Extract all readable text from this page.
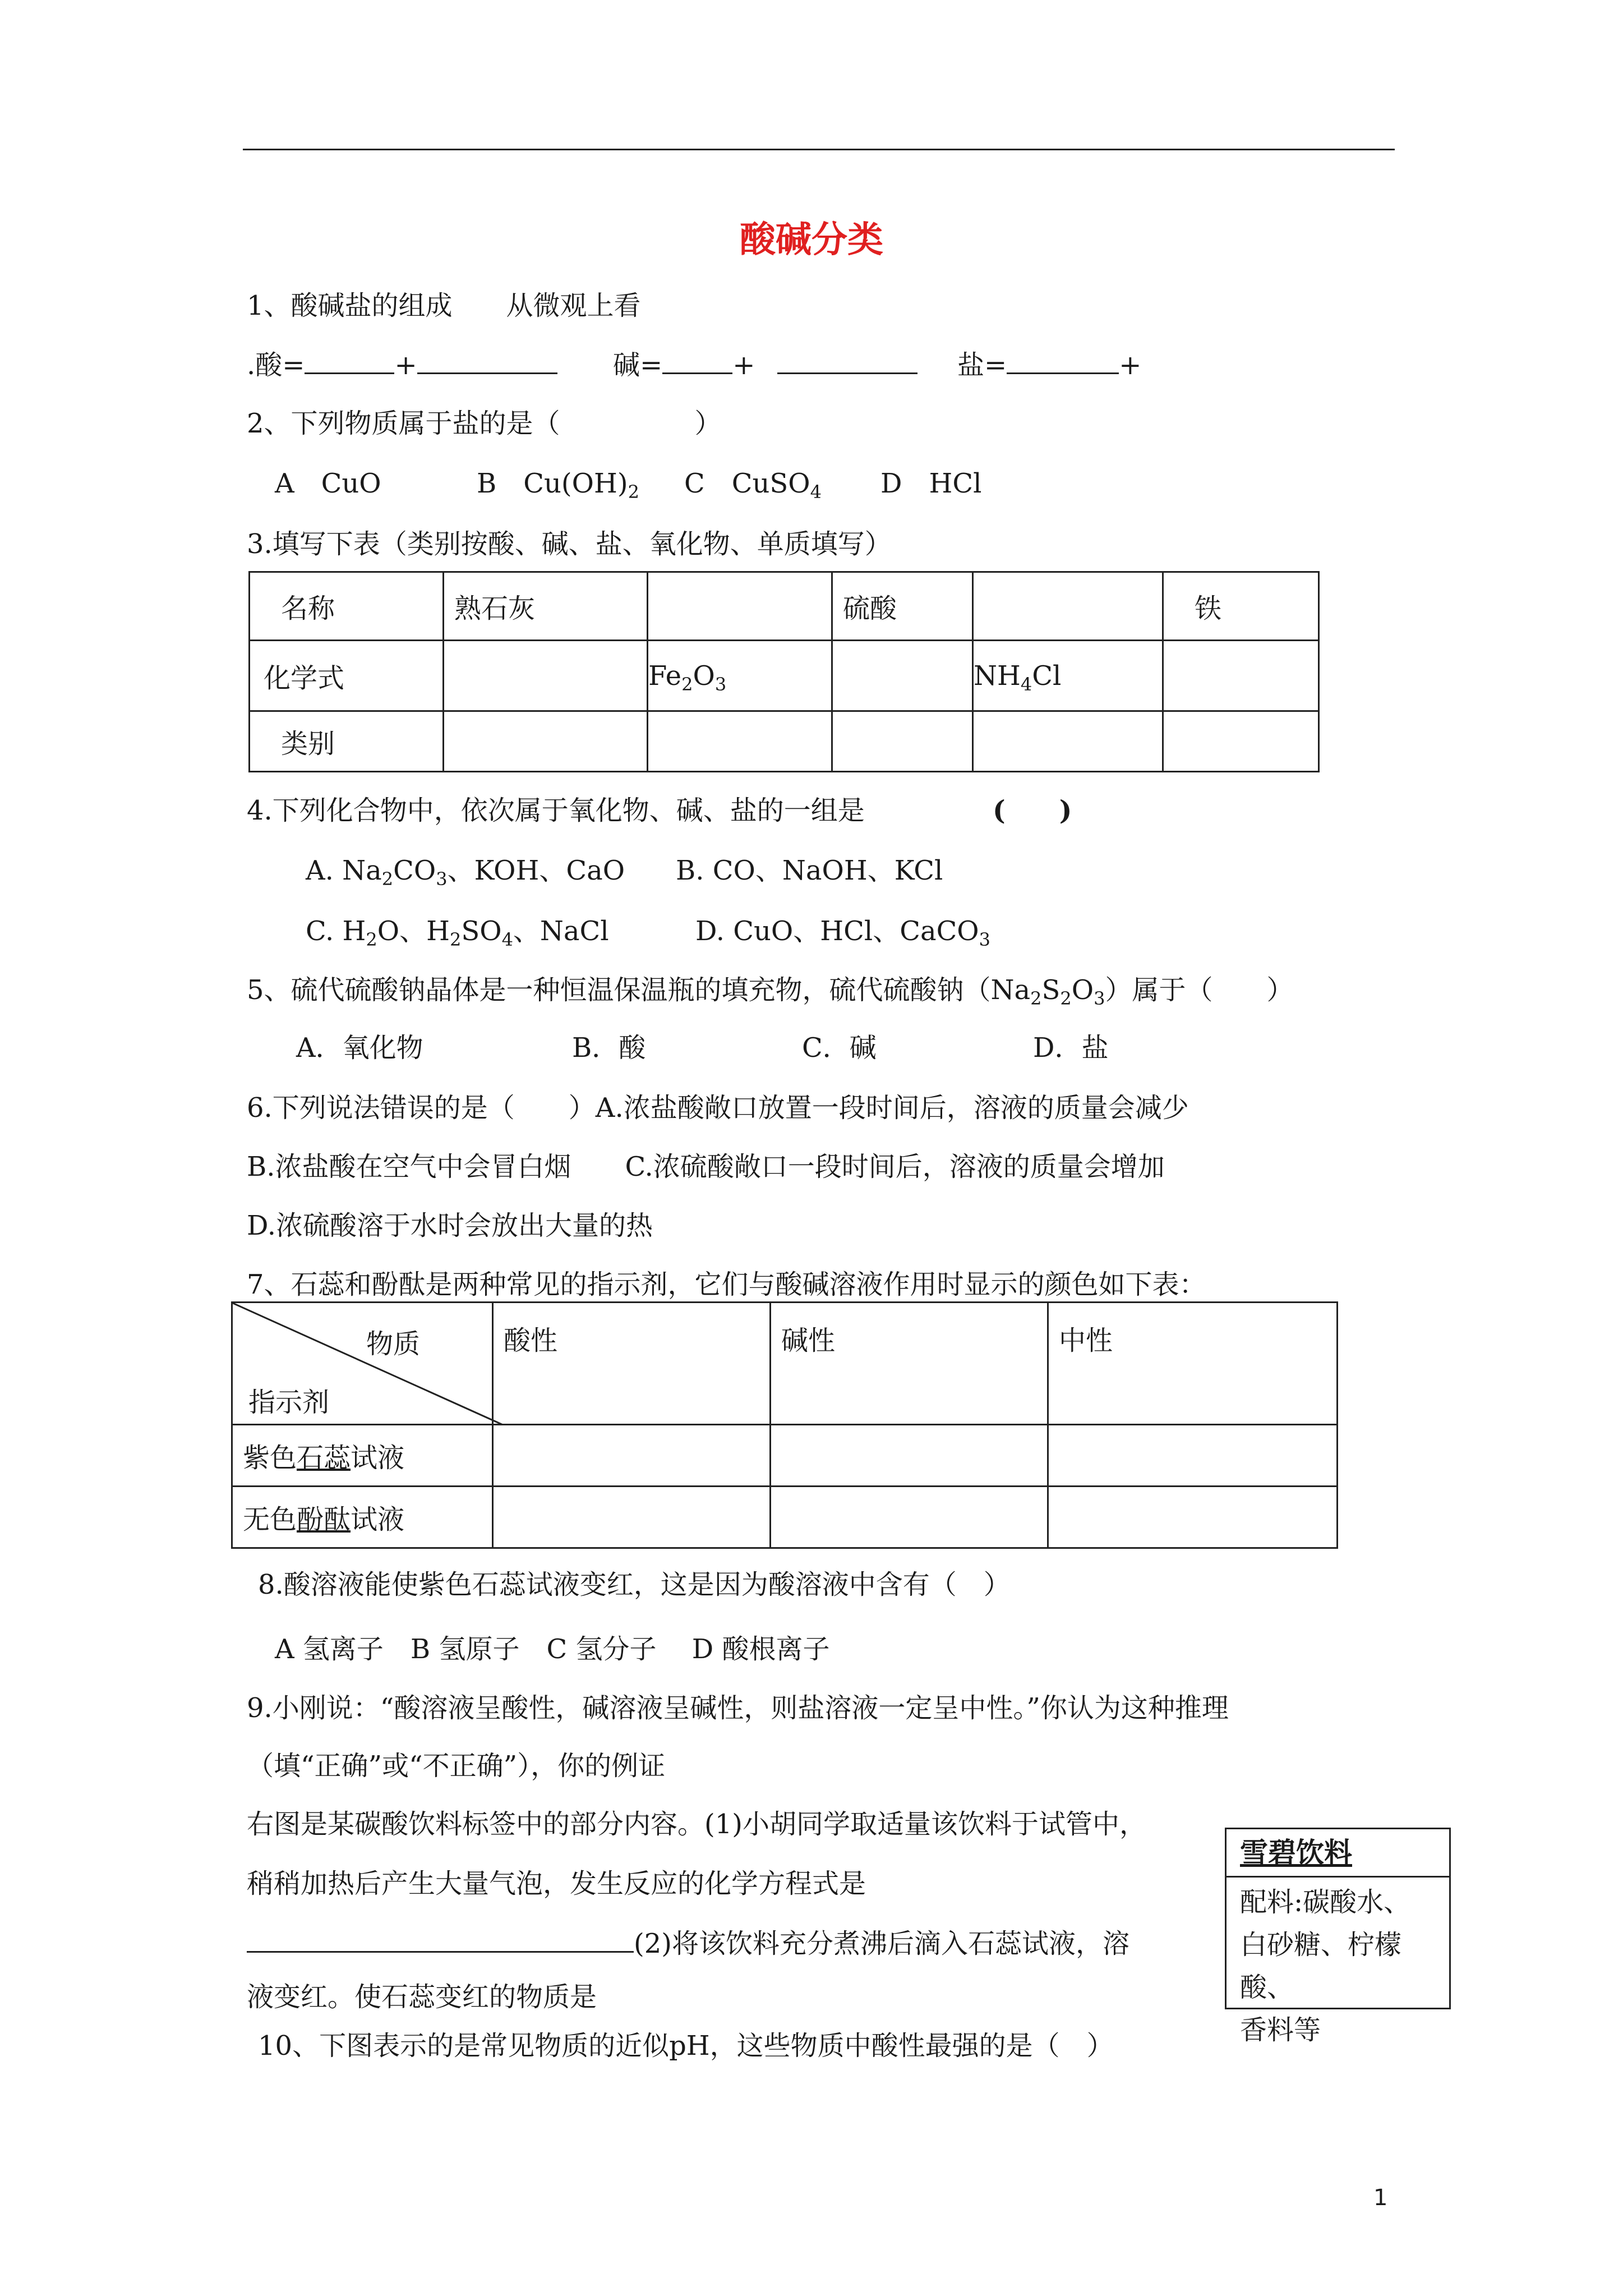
酸碱分类
1、酸碱盐的组成　　从微观上看
.酸=	+	碱=	+	盐=	+
2、下列物质属于盐的是（　　　　　）
A　CuO	B　$Cu(OH)_2$ C　CuSO$_4$ D　HCl
3.填写下表（类别按酸、碱、盐、氧化物、单质填写）
名称	熟石灰		硫酸		铁
化学式		$Fe_2O_3$		$NH_4Cl$	
类别					
4.下列化合物中，依次属于氧化物、碱、盐的一组是	(　　)
A. $Na_2CO_3$、KOH、CaO B. CO、NaOH、KCl
C. $H_2O$、$H_2SO_4$、NaCl	D. CuO、HCl、CaCO$_3$
5、硫代硫酸钠晶体是一种恒温保温瓶的填充物，硫代硫酸钠$(Na_2S_2O_3)$属于（　　）
A．氧化物	B．酸	C．碱	D．盐
6.下列说法错误的是（　　）A.浓盐酸敞口放置一段时间后，溶液的质量会减少
B.浓盐酸在空气中会冒白烟　　C.浓硫酸敞口一段时间后，溶液的质量会增加
D.浓硫酸溶于水时会放出大量的热
7、石蕊和酚酞是两种常见的指示剂，它们与酸碱溶液作用时显示的颜色如下表：
物质
指示剂	酸性	碱性	中性
紫色石蕊试液			
无色酚酞试液			
8.酸溶液能使紫色石蕊试液变红，这是因为酸溶液中含有（　）
A 氢离子　B 氢原子　C 氢分子　 D 酸根离子
9.小刚说：“酸溶液呈酸性，碱溶液呈碱性，则盐溶液一定呈中性。”你认为这种推理
（填“正确”或“不正确”），你的例证
右图是某碳酸饮料标签中的部分内容。(1)小胡同学取适量该饮料于试管中，
稍稍加热后产生大量气泡，发生反应的化学方程式是
(2)将该饮料充分煮沸后滴入石蕊试液，溶
液变红。使石蕊变红的物质是
雪碧饮料
配料:碳酸水、
白砂糖、柠檬酸、
香料等
10、下图表示的是常见物质的近似pH，这些物质中酸性最强的是（　）
1
